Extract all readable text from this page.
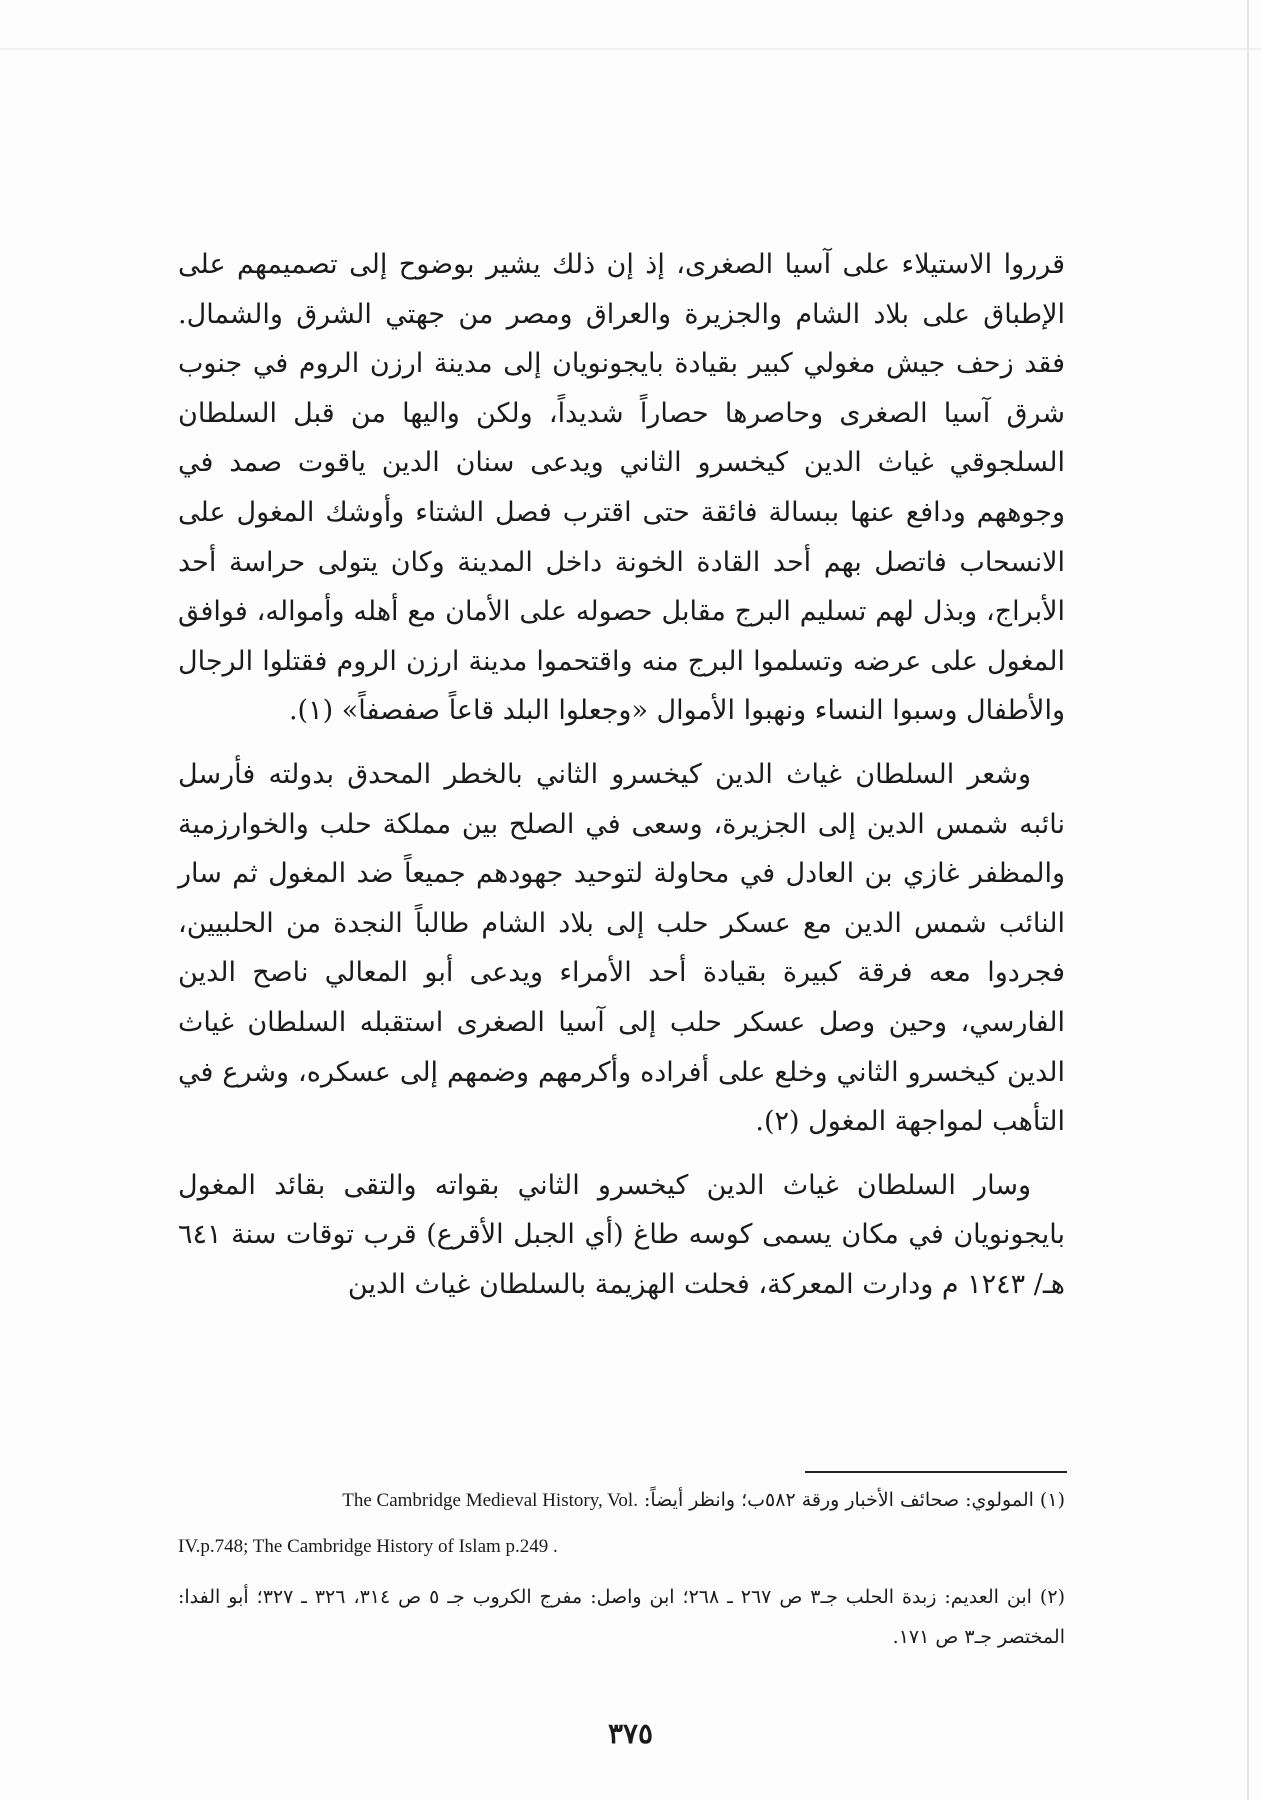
قرروا الاستيلاء على آسيا الصغرى، إذ إن ذلك يشير بوضوح إلى تصميمهم على الإطباق على بلاد الشام والجزيرة والعراق ومصر من جهتي الشرق والشمال. فقد زحف جيش مغولي كبير بقيادة بايجونويان إلى مدينة ارزن الروم في جنوب شرق آسيا الصغرى وحاصرها حصاراً شديداً، ولكن واليها من قبل السلطان السلجوقي غياث الدين كيخسرو الثاني ويدعى سنان الدين ياقوت صمد في وجوههم ودافع عنها ببسالة فائقة حتى اقترب فصل الشتاء وأوشك المغول على الانسحاب فاتصل بهم أحد القادة الخونة داخل المدينة وكان يتولى حراسة أحد الأبراج، وبذل لهم تسليم البرج مقابل حصوله على الأمان مع أهله وأمواله، فوافق المغول على عرضه وتسلموا البرج منه واقتحموا مدينة ارزن الروم فقتلوا الرجال والأطفال وسبوا النساء ونهبوا الأموال «وجعلوا البلد قاعاً صفصفاً» (١).

وشعر السلطان غياث الدين كيخسرو الثاني بالخطر المحدق بدولته فأرسل نائبه شمس الدين إلى الجزيرة، وسعى في الصلح بين مملكة حلب والخوارزمية والمظفر غازي بن العادل في محاولة لتوحيد جهودهم جميعاً ضد المغول ثم سار النائب شمس الدين مع عسكر حلب إلى بلاد الشام طالباً النجدة من الحلبيين، فجردوا معه فرقة كبيرة بقيادة أحد الأمراء ويدعى أبو المعالي ناصح الدين الفارسي، وحين وصل عسكر حلب إلى آسيا الصغرى استقبله السلطان غياث الدين كيخسرو الثاني وخلع على أفراده وأكرمهم وضمهم إلى عسكره، وشرع في التأهب لمواجهة المغول (٢).

وسار السلطان غياث الدين كيخسرو الثاني بقواته والتقى بقائد المغول بايجونويان في مكان يسمى كوسه طاغ (أي الجبل الأقرع) قرب توقات سنة ٦٤١ هـ/ ١٢٤٣ م ودارت المعركة، فحلت الهزيمة بالسلطان غياث الدين

(١) المولوي: صحائف الأخبار ورقة ٥٨٢ب؛ وانظر أيضاً: The Cambridge Medieval History, Vol.

IV.p.748; The Cambridge History of Islam p.249 .

(٢) ابن العديم: زبدة الحلب جـ٣ ص ٢٦٧ ـ ٢٦٨؛ ابن واصل: مفرج الكروب جـ ٥ ص ٣١٤، ٣٢٦ ـ ٣٢٧؛ أبو الفدا: المختصر جـ٣ ص ١٧١.

٣٧٥
